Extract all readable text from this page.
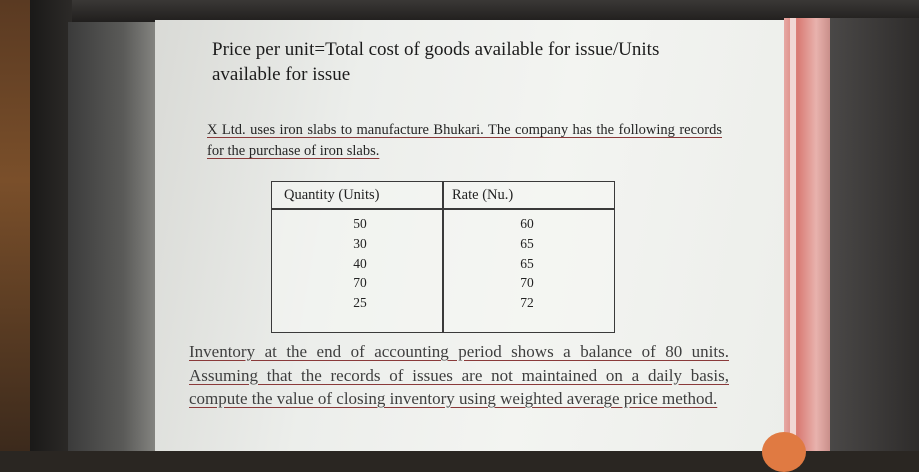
Price per unit=Total cost of goods available for issue/Units available for issue
X Ltd. uses iron slabs to manufacture Bhukari. The company has the following records for the purchase of iron slabs.
Quantity (Units)	Rate (Nu.)
50
30
40
70
25
60
65
65
70
72
Inventory at the end of accounting period shows a balance of 80 units. Assuming that the records of issues are not maintained on a daily basis, compute the value of closing inventory using weighted average price method.
